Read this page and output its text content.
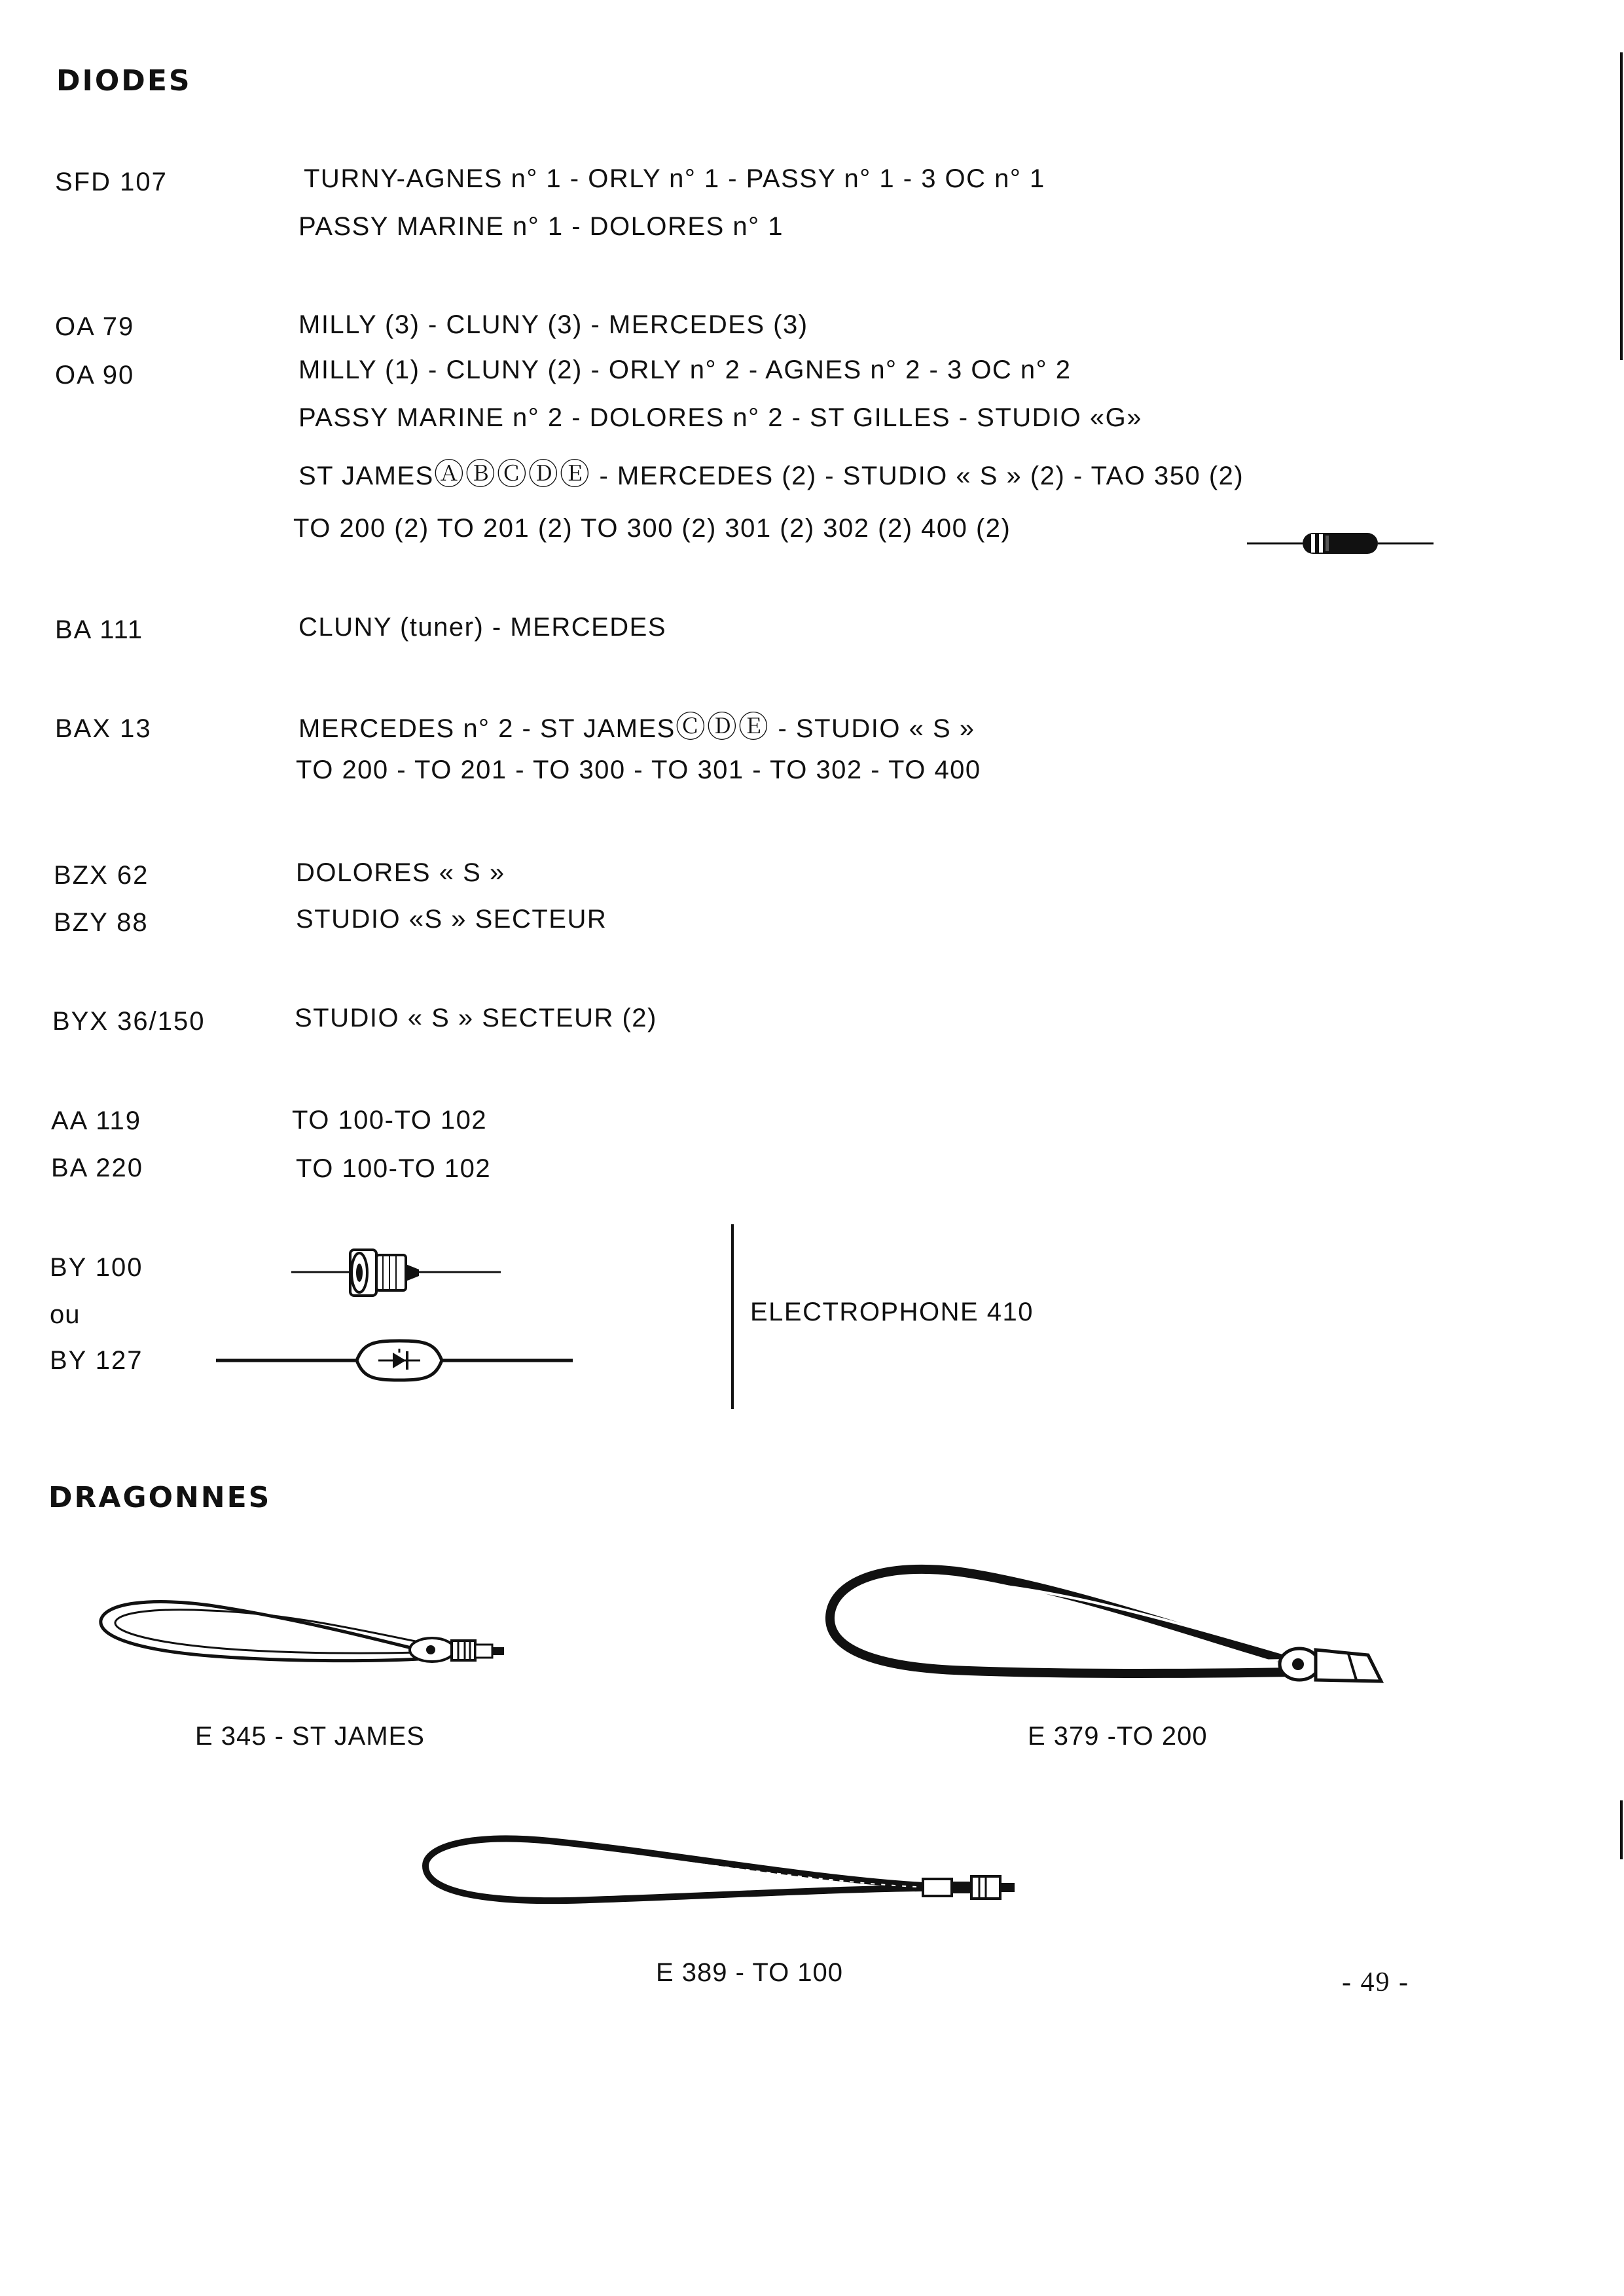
DIODES
SFD 107	TURNY-AGNES n° 1 - ORLY n° 1 - PASSY n° 1 - 3 OC n° 1
PASSY MARINE n° 1 - DOLORES n° 1
OA 79	MILLY (3) - CLUNY (3) - MERCEDES (3)
OA 90	MILLY (1) - CLUNY (2) - ORLY n° 2 - AGNES n° 2 - 3 OC n° 2
PASSY MARINE n° 2 - DOLORES n° 2 - ST GILLES - STUDIO «G»
ST JAMESⒶⒷⒸⒹⒺ - MERCEDES (2) - STUDIO « S » (2) - TAO 350 (2)
TO 200 (2) TO 201 (2) TO 300 (2) 301 (2) 302 (2) 400 (2)
BA 111	CLUNY (tuner) - MERCEDES
BAX 13	MERCEDES n° 2 - ST JAMESⒸⒹⒺ - STUDIO « S »
TO 200 - TO 201 - TO 300 - TO 301 - TO 302 - TO 400
BZX 62	DOLORES « S »
BZY 88	STUDIO «S » SECTEUR
BYX 36/150	STUDIO « S » SECTEUR (2)
AA 119	TO 100-TO 102
BA 220	TO 100-TO 102
BY 100
ou
BY 127
ELECTROPHONE 410
DRAGONNES
E 345 - ST JAMES	E 379 -TO 200
E 389 - TO 100	- 49 -
